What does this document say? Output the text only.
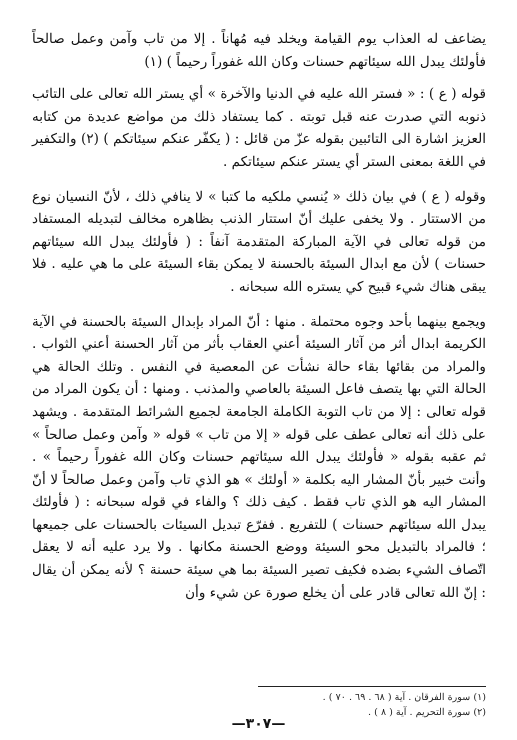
يضاعف له العذاب يوم القيامة ويخلد فيه مُهاناً . إلا من تاب وآمن وعمل صالحاً فأولئك يبدل الله سيئاتهم حسنات وكان الله غفوراً رحيماً ) (١)

قوله ( ع ) : « فستر الله عليه في الدنيا والآخرة » أي يستر الله تعالى على التائب ذنوبه التي صدرت عنه قبل توبته . كما يستفاد ذلك من مواضع عديدة من كتابه العزيز اشارة الى التائبين بقوله عزّ من قائل : ( يكفّر عنكم سيئاتكم ) (٢) والتكفير في اللغة بمعنى الستر أي يستر عنكم سيئاتكم .

وقوله ( ع ) في بيان ذلك « يُنسي ملكيه ما كتبا » لا ينافي ذلك ، لأنّ النسيان نوع من الاستتار . ولا يخفى عليك أنّ استتار الذنب بظاهره مخالف لتبديله المستفاد من قوله تعالى في الآية المباركة المتقدمة آنفاً : ( فأولئك يبدل الله سيئاتهم حسنات ) لأن مع ابدال السيئة بالحسنة لا يمكن بقاء السيئة على ما هي عليه . فلا يبقى هناك شيء قبيح كي يستره الله سبحانه .

ويجمع بينهما بأحد وجوه محتملة . منها : أنّ المراد بإبدال السيئة بالحسنة في الآية الكريمة ابدال أثر من آثار السيئة أعني العقاب بأثر من آثار الحسنة أعني الثواب . والمراد من بقائها بقاء حالة نشأت عن المعصية في النفس . وتلك الحالة هي الحالة التي بها يتصف فاعل السيئة بالعاصي والمذنب . ومنها : أن يكون المراد من قوله تعالى : إلا من تاب التوبة الكاملة الجامعة لجميع الشرائط المتقدمة . ويشهد على ذلك أنه تعالى عطف على قوله « إلا من تاب » قوله « وآمن وعمل صالحاً » ثم عقبه بقوله « فأولئك يبدل الله سيئاتهم حسنات وكان الله غفوراً رحيماً » . وأنت خبير بأنّ المشار اليه بكلمة « أولئك » هو الذي تاب وآمن وعمل صالحاً لا أنّ المشار اليه هو الذي تاب فقط . كيف ذلك ؟ والفاء في قوله سبحانه : ( فأولئك يبدل الله سيئاتهم حسنات ) للتفريع . ففرّع تبديل السيئات بالحسنات على جميعها ؛ فالمراد بالتبديل محو السيئة ووضع الحسنة مكانها . ولا يرد عليه أنه لا يعقل اتّصاف الشيء بضده فكيف تصير السيئة بما هي سيئة حسنة ؟ لأنه يمكن أن يقال : إنّ الله تعالى قادر على أن يخلع صورة عن شيء وأن

(١) سورة الفرقان . آية ( ٦٨ . ٦٩ . ٧٠ ) .

(٢) سورة التحريم . آية ( ٨ ) .

—٣٠٧—
